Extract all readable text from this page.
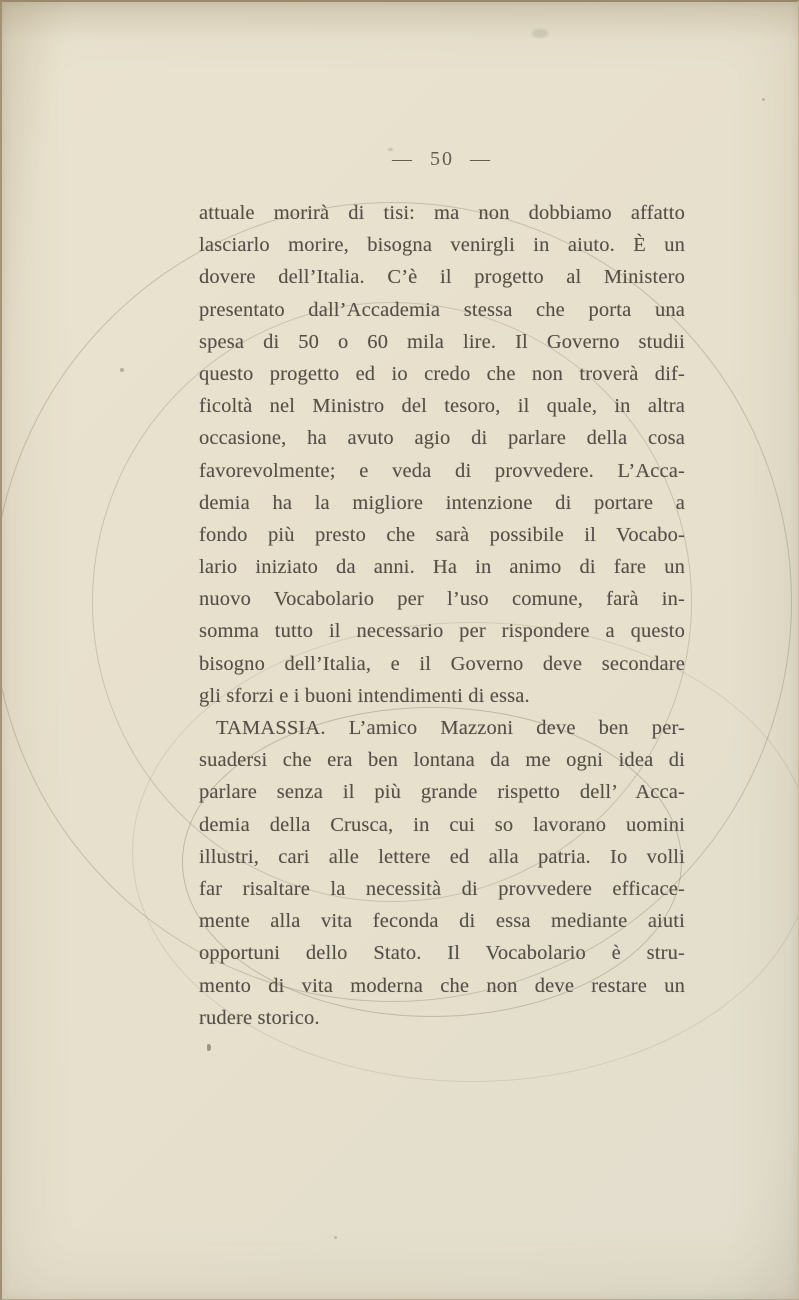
— 50 —
attuale morirà di tisi: ma non dobbiamo affatto
lasciarlo morire, bisogna venirgli in aiuto. È un
dovere dell’Italia. C’è il progetto al Ministero
presentato dall’Accademia stessa che porta una
spesa di 50 o 60 mila lire. Il Governo studii
questo progetto ed io credo che non troverà dif-
ficoltà nel Ministro del tesoro, il quale, in altra
occasione, ha avuto agio di parlare della cosa
favorevolmente; e veda di provvedere. L’Acca-
demia ha la migliore intenzione di portare a
fondo più presto che sarà possibile il Vocabo-
lario iniziato da anni. Ha in animo di fare un
nuovo Vocabolario per l’uso comune, farà in-
somma tutto il necessario per rispondere a questo
bisogno dell’Italia, e il Governo deve secondare
gli sforzi e i buoni intendimenti di essa.
TAMASSIA. L’amico Mazzoni deve ben per-
suadersi che era ben lontana da me ogni idea di
parlare senza il più grande rispetto dell’ Acca-
demia della Crusca, in cui so lavorano uomini
illustri, cari alle lettere ed alla patria. Io volli
far risaltare la necessità di provvedere efficace-
mente alla vita feconda di essa mediante aiuti
opportuni dello Stato. Il Vocabolario è stru-
mento di vita moderna che non deve restare un
rudere storico.
